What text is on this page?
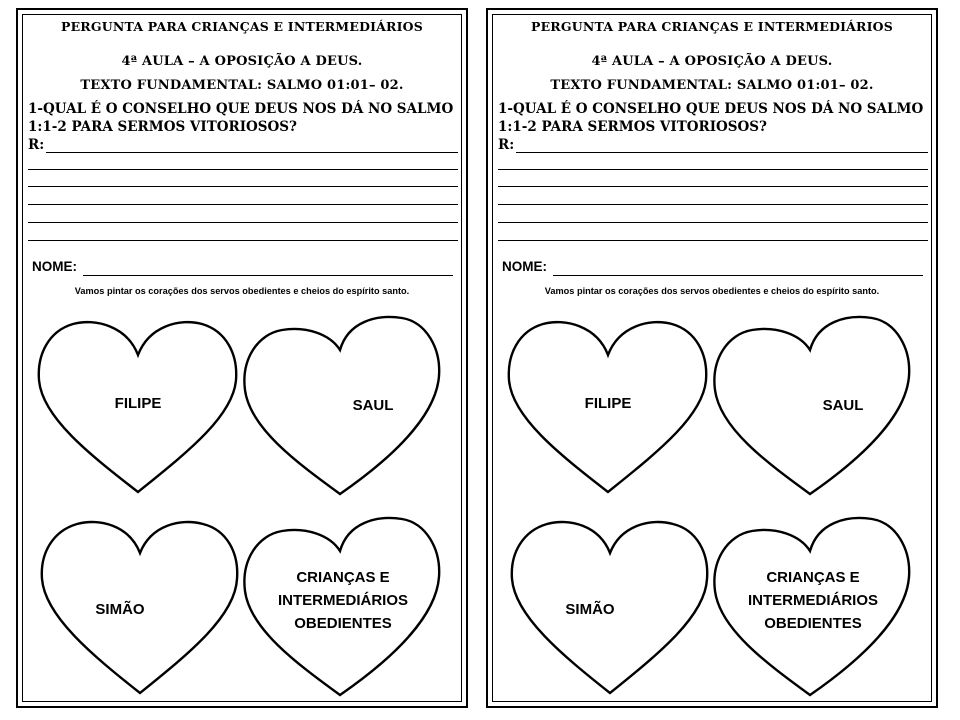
PERGUNTA PARA CRIANÇAS E INTERMEDIÁRIOS
4ª AULA – A OPOSIÇÃO A DEUS.
TEXTO FUNDAMENTAL: SALMO 01:01– 02.
1-QUAL É O CONSELHO QUE DEUS NOS DÁ NO SALMO
1:1-2 PARA SERMOS VITORIOSOS?
R:
NOME:
Vamos pintar os corações dos servos obedientes e cheios do espírito santo.
FILIPE	SAUL
SIMÃO
CRIANÇAS E
INTERMEDIÁRIOS
OBEDIENTES
PERGUNTA PARA CRIANÇAS E INTERMEDIÁRIOS
4ª AULA – A OPOSIÇÃO A DEUS.
TEXTO FUNDAMENTAL: SALMO 01:01– 02.
1-QUAL É O CONSELHO QUE DEUS NOS DÁ NO SALMO
1:1-2 PARA SERMOS VITORIOSOS?
R:
NOME:
Vamos pintar os corações dos servos obedientes e cheios do espírito santo.
FILIPE	SAUL
SIMÃO
CRIANÇAS E
INTERMEDIÁRIOS
OBEDIENTES
